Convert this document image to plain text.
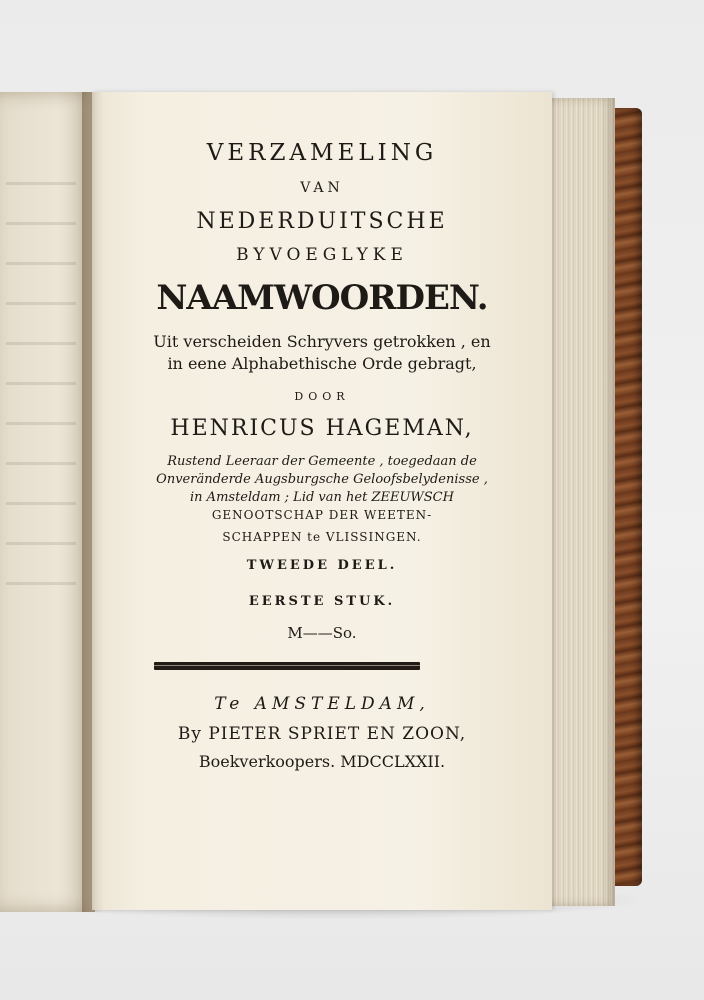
VERZAMELING
VAN
NEDERDUITSCHE
BYVOEGLYKE
NAAMWOORDEN.
Uit verscheiden Schryvers getrokken , en
in eene Alphabethische Orde gebragt,
DOOR
HENRICUS HAGEMAN,
Rustend Leeraar der Gemeente , toegedaan de
Onveränderde Augsburgsche Geloofsbelydenisse ,
in Amsteldam ; Lid van het ZEEUWSCH
GENOOTSCHAP DER WEETEN-
SCHAPPEN te VLISSINGEN.
TWEEDE DEEL.
EERSTE STUK.
M——So.
Te AMSTELDAM,
By PIETER SPRIET EN ZOON,
Boekverkoopers. MDCCLXXII.
